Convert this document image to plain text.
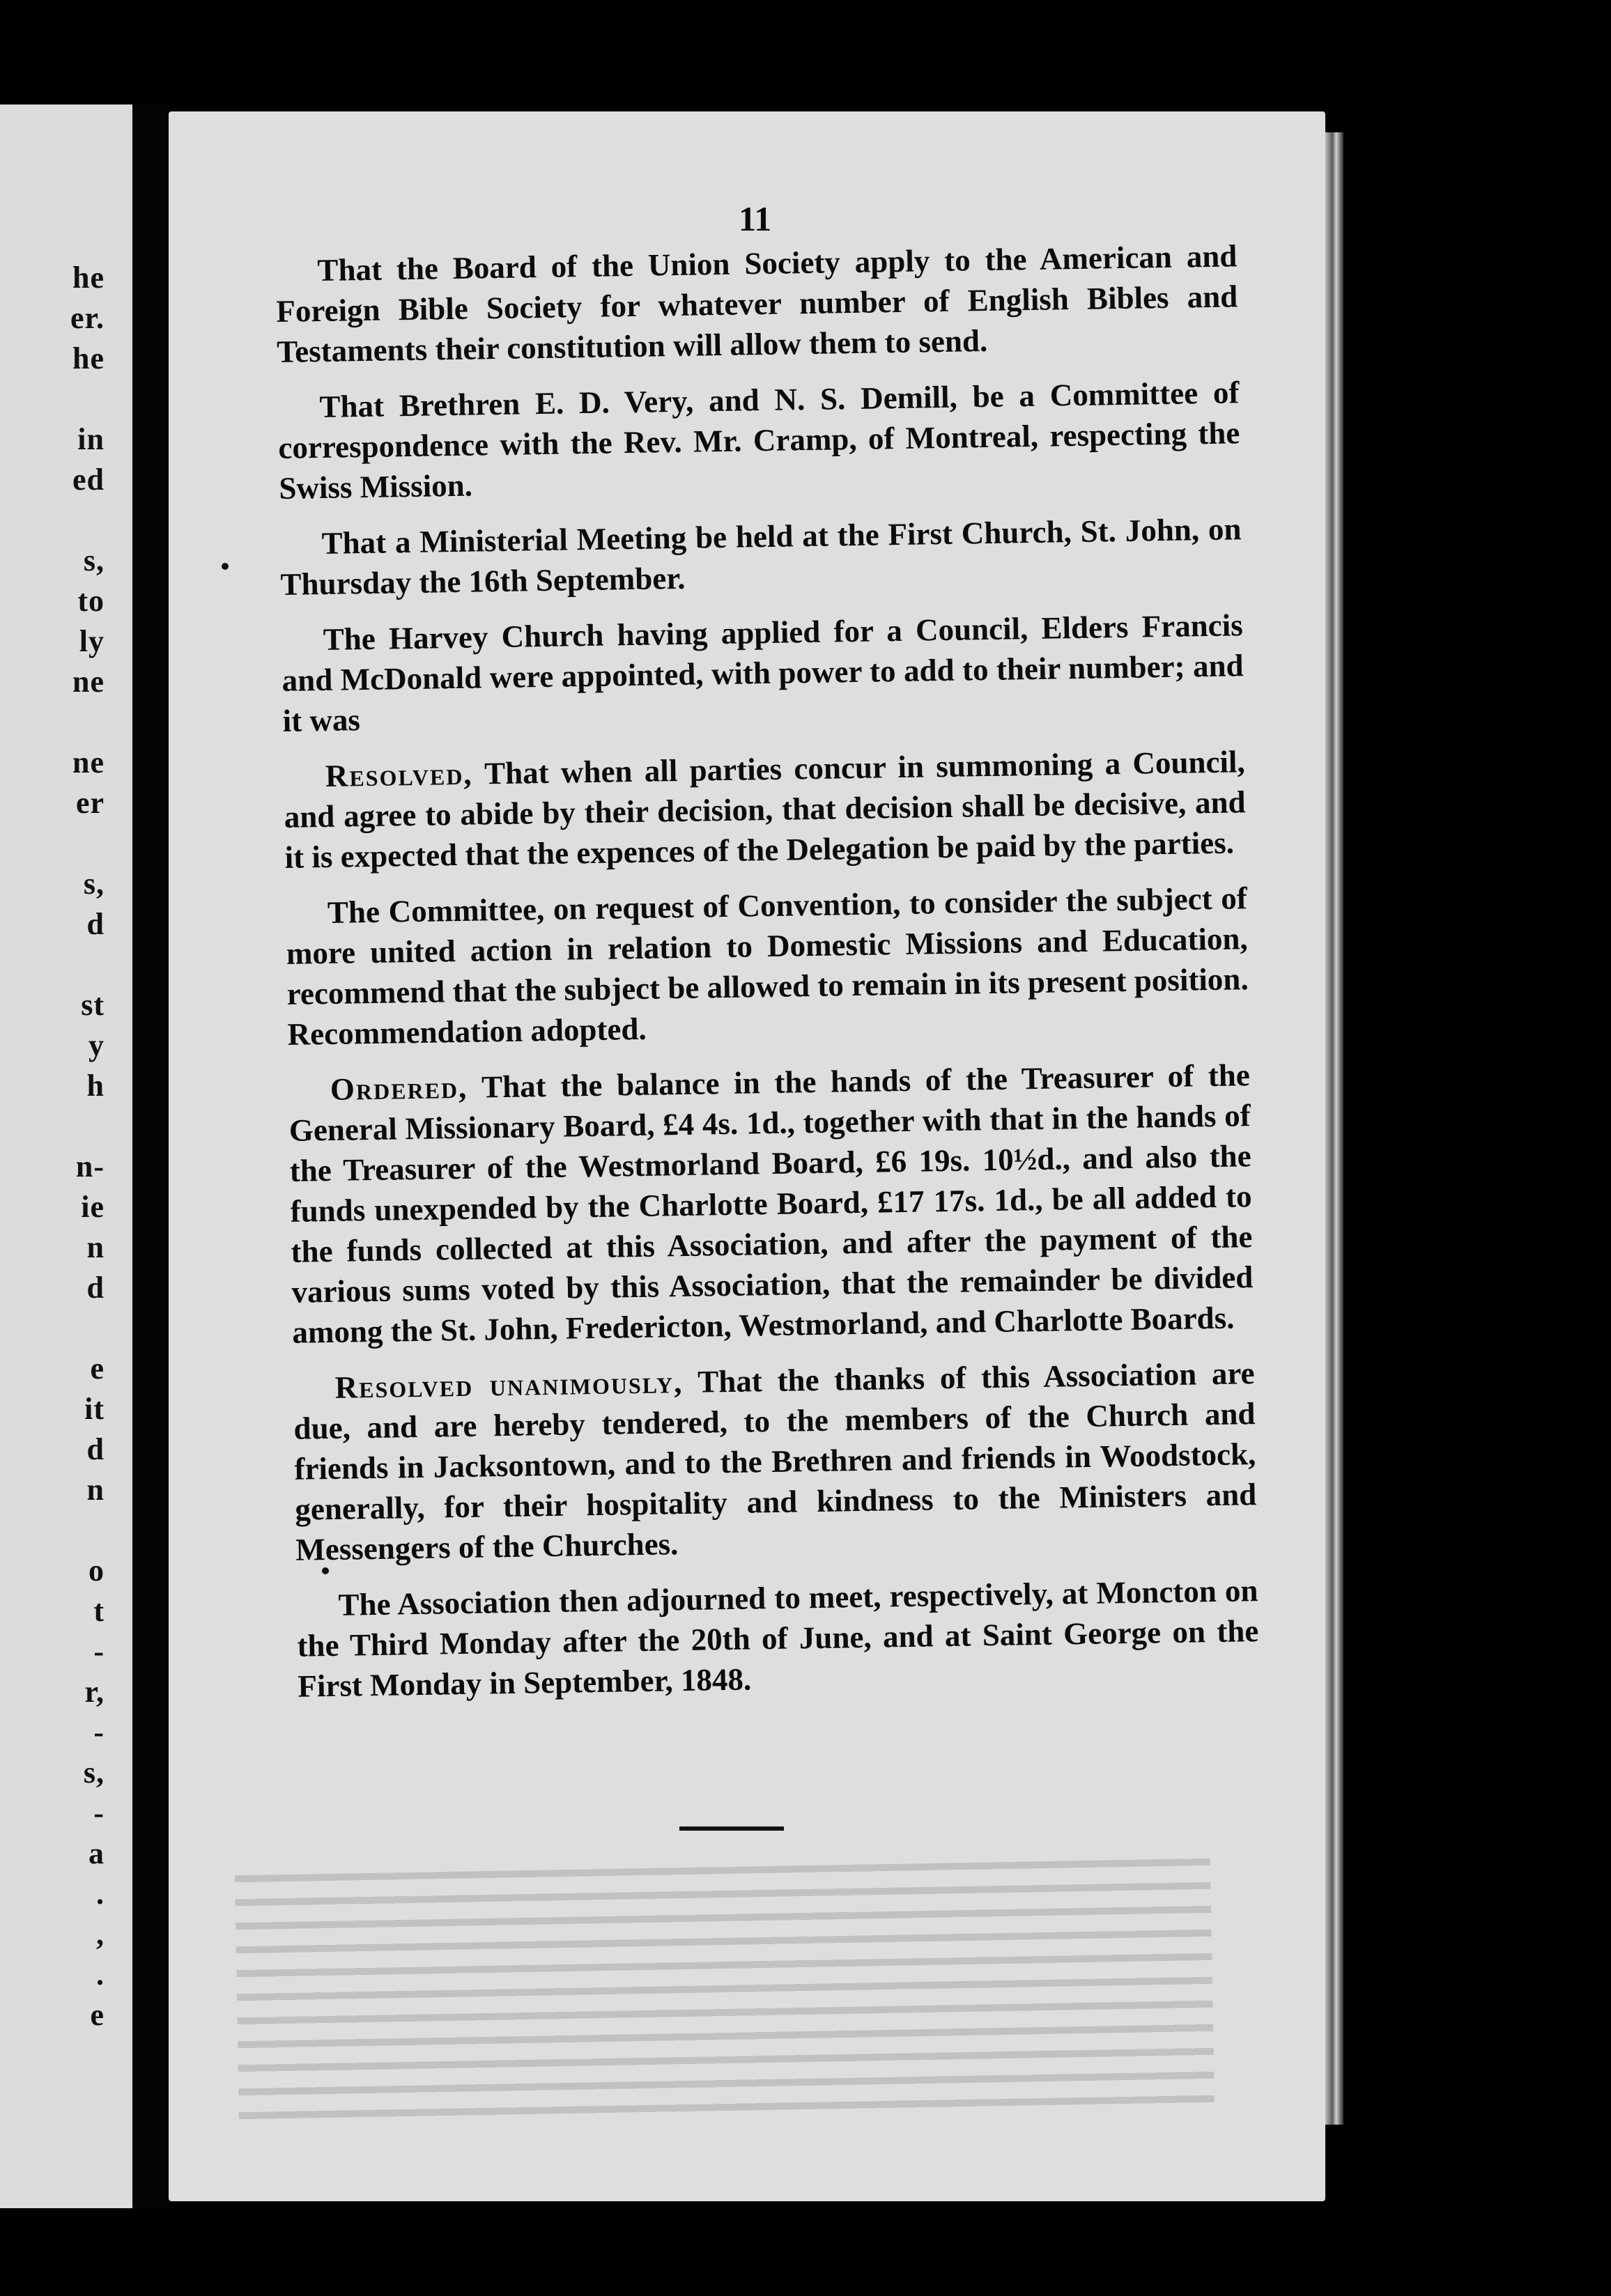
he
er.
he

in
ed

s,
to
ly
ne

ne
er

s,
d

st
y
h

n-
ie
n
d

e
it
d
n

o
t
-
r,
-
s,
-
a
.
,
.
e
11

That the Board of the Union Society apply to the American and Foreign Bible Society for whatever number of English Bibles and Testaments their constitution will allow them to send.

That Brethren E. D. Very, and N. S. Demill, be a Committee of correspondence with the Rev. Mr. Cramp, of Montreal, respecting the Swiss Mission.

That a Ministerial Meeting be held at the First Church, St. John, on Thursday the 16th September.

The Harvey Church having applied for a Council, Elders Francis and McDonald were appointed, with power to add to their number; and it was

Resolved, That when all parties concur in summoning a Council, and agree to abide by their decision, that decision shall be decisive, and it is expected that the expences of the Delegation be paid by the parties.

The Committee, on request of Convention, to consider the subject of more united action in relation to Domestic Missions and Education, recommend that the subject be allowed to remain in its present position. Recommendation adopted.

Ordered, That the balance in the hands of the Treasurer of the General Missionary Board, £4 4s. 1d., together with that in the hands of the Treasurer of the Westmorland Board, £6 19s. 10½d., and also the funds unexpended by the Charlotte Board, £17 17s. 1d., be all added to the funds collected at this Association, and after the payment of the various sums voted by this Association, that the remainder be divided among the St. John, Fredericton, Westmorland, and Charlotte Boards.

Resolved unanimously, That the thanks of this Association are due, and are hereby tendered, to the members of the Church and friends in Jacksontown, and to the Brethren and friends in Woodstock, generally, for their hospitality and kindness to the Ministers and Messengers of the Churches.

The Association then adjourned to meet, respectively, at Moncton on the Third Monday after the 20th of June, and at Saint George on the First Monday in September, 1848.
